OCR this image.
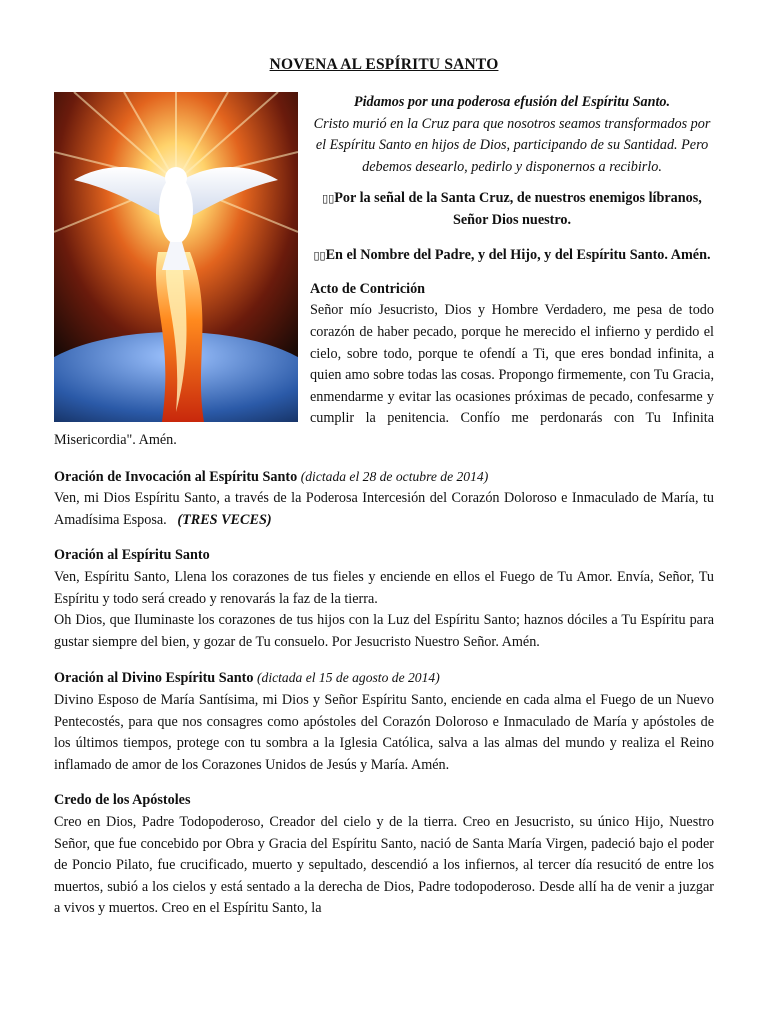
NOVENA AL ESPÍRITU SANTO
Pidamos por una poderosa efusión del Espíritu Santo.
Cristo murió en la Cruz para que nosotros seamos transformados por el Espíritu Santo en hijos de Dios, participando de su Santidad. Pero debemos desearlo, pedirlo y disponernos a recibirlo.
▯▯Por la señal de la Santa Cruz, de nuestros enemigos líbranos, Señor Dios nuestro.
▯▯En el Nombre del Padre, y del Hijo, y del Espíritu Santo. Amén.
Acto de Contrición

Señor mío Jesucristo, Dios y Hombre Verdadero, me pesa de todo corazón de haber pecado, porque he merecido el infierno y perdido el cielo, sobre todo, porque te ofendí a Ti, que eres bondad infinita, a quien amo sobre todas las cosas. Propongo firmemente, con Tu Gracia, enmendarme y evitar las ocasiones próximas de pecado, confesarme y cumplir la penitencia. Confío me perdonarás con Tu Infinita Misericordia". Amén.

Oración de Invocación al Espíritu Santo (dictada el 28 de octubre de 2014)

Ven, mi Dios Espíritu Santo, a través de la Poderosa Intercesión del Corazón Doloroso e Inmaculado de María, tu Amadísima Esposa. (TRES VECES)

Oración al Espíritu Santo

Ven, Espíritu Santo, Llena los corazones de tus fieles y enciende en ellos el Fuego de Tu Amor. Envía, Señor, Tu Espíritu y todo será creado y renovarás la faz de la tierra.

Oh Dios, que Iluminaste los corazones de tus hijos con la Luz del Espíritu Santo; haznos dóciles a Tu Espíritu para gustar siempre del bien, y gozar de Tu consuelo. Por Jesucristo Nuestro Señor. Amén.

Oración al Divino Espíritu Santo (dictada el 15 de agosto de 2014)

Divino Esposo de María Santísima, mi Dios y Señor Espíritu Santo, enciende en cada alma el Fuego de un Nuevo Pentecostés, para que nos consagres como apóstoles del Corazón Doloroso e Inmaculado de María y apóstoles de los últimos tiempos, protege con tu sombra a la Iglesia Católica, salva a las almas del mundo y realiza el Reino inflamado de amor de los Corazones Unidos de Jesús y María. Amén.

Credo de los Apóstoles

Creo en Dios, Padre Todopoderoso, Creador del cielo y de la tierra. Creo en Jesucristo, su único Hijo, Nuestro Señor, que fue concebido por Obra y Gracia del Espíritu Santo, nació de Santa María Virgen, padeció bajo el poder de Poncio Pilato, fue crucificado, muerto y sepultado, descendió a los infiernos, al tercer día resucitó de entre los muertos, subió a los cielos y está sentado a la derecha de Dios, Padre todopoderoso. Desde allí ha de venir a juzgar a vivos y muertos. Creo en el Espíritu Santo, la
